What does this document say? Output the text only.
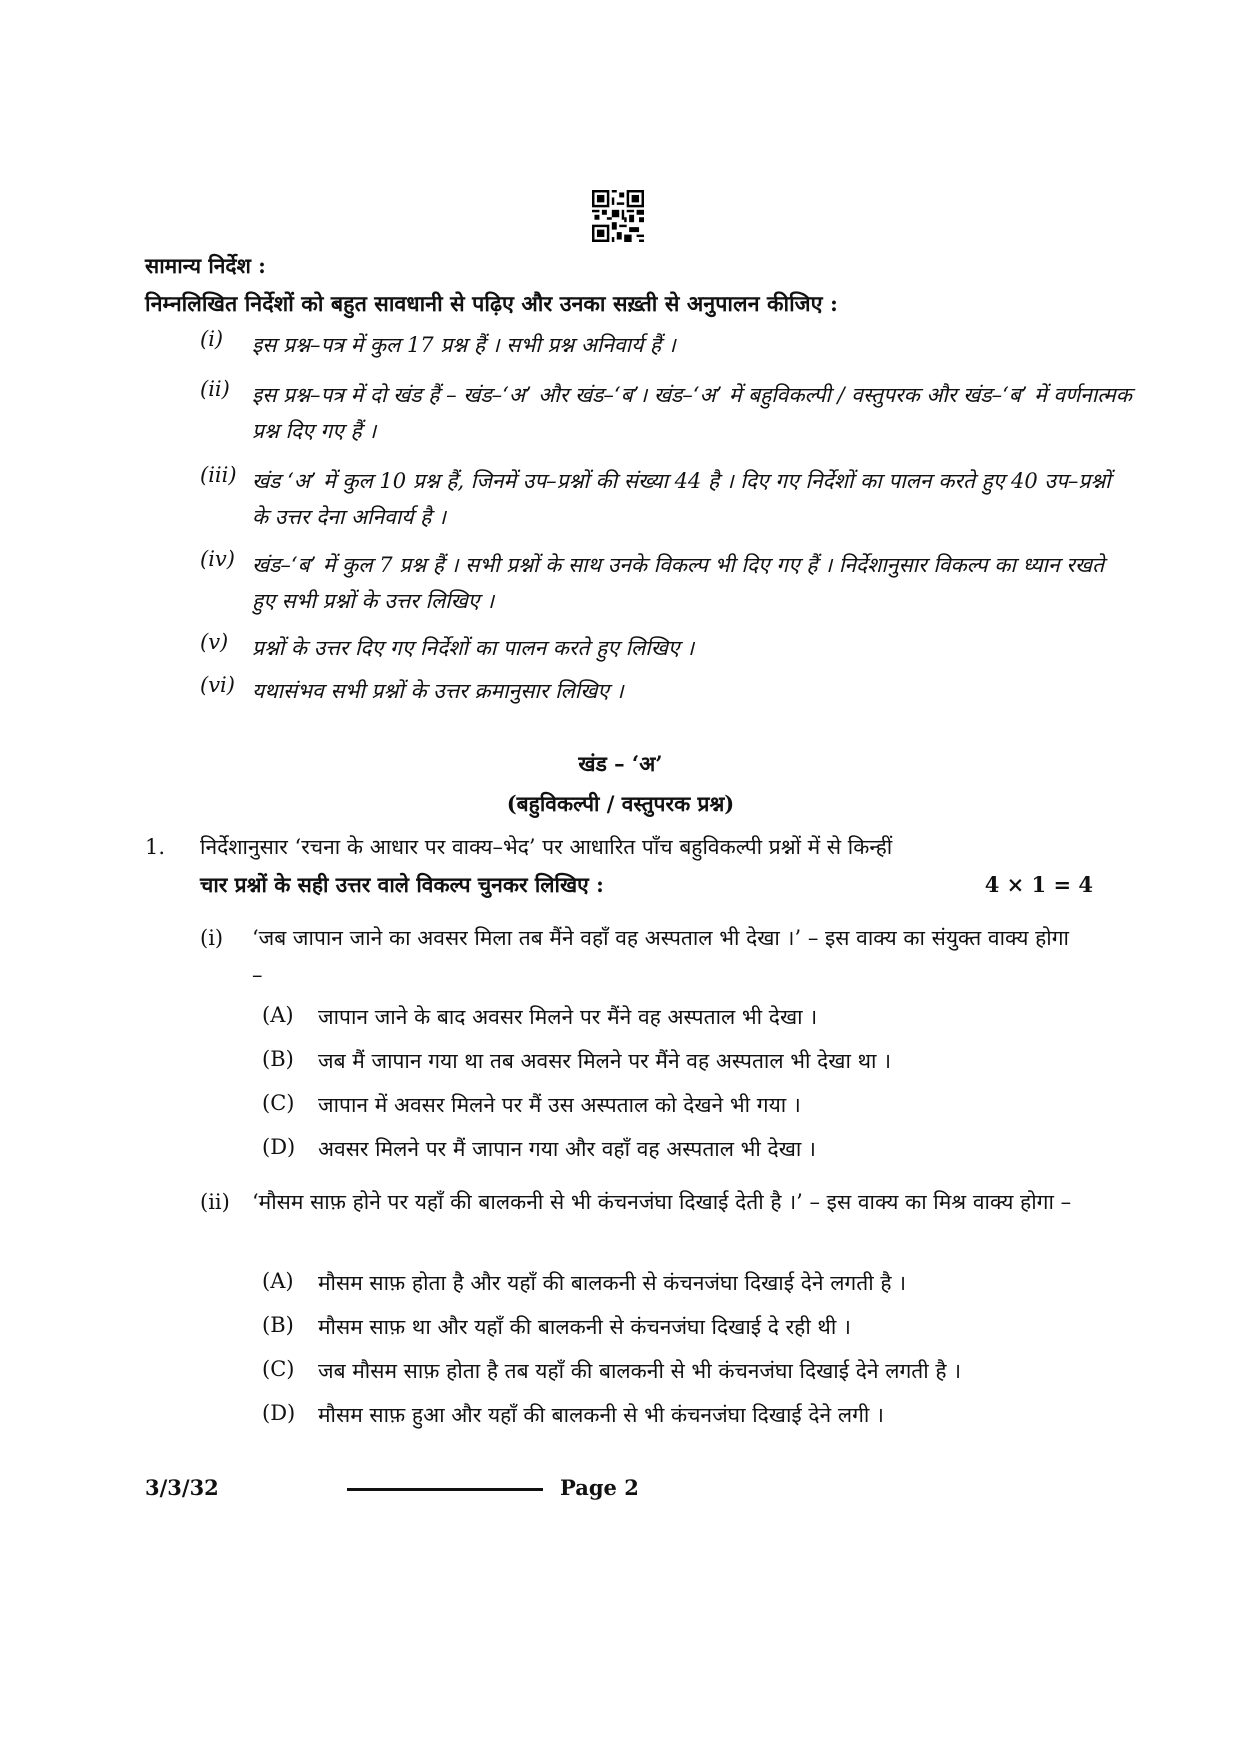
सामान्य निर्देश :
निम्नलिखित निर्देशों को बहुत सावधानी से पढ़िए और उनका सख़्ती से अनुपालन कीजिए :
(i) इस प्रश्न–पत्र में कुल 17 प्रश्न हैं । सभी प्रश्न अनिवार्य हैं ।
(ii) इस प्रश्न–पत्र में दो खंड हैं – खंड–‘अ’ और खंड–‘ब’। खंड–‘अ’ में बहुविकल्पी / वस्तुपरक और खंड–‘ब’ में वर्णनात्मक प्रश्न दिए गए हैं ।
(iii) खंड ‘अ’ में कुल 10 प्रश्न हैं, जिनमें उप–प्रश्नों की संख्या 44 है । दिए गए निर्देशों का पालन करते हुए 40 उप–प्रश्नों के उत्तर देना अनिवार्य है ।
(iv) खंड–‘ब’ में कुल 7 प्रश्न हैं । सभी प्रश्नों के साथ उनके विकल्प भी दिए गए हैं । निर्देशानुसार विकल्प का ध्यान रखते हुए सभी प्रश्नों के उत्तर लिखिए ।
(v) प्रश्नों के उत्तर दिए गए निर्देशों का पालन करते हुए लिखिए ।
(vi) यथासंभव सभी प्रश्नों के उत्तर क्रमानुसार लिखिए ।
खंड – ‘अ’
(बहुविकल्पी / वस्तुपरक प्रश्न)
1. निर्देशानुसार ‘रचना के आधार पर वाक्य–भेद’ पर आधारित पाँच बहुविकल्पी प्रश्नों में से किन्हीं
चार प्रश्नों के सही उत्तर वाले विकल्प चुनकर लिखिए :	4 × 1 = 4
(i) ‘जब जापान जाने का अवसर मिला तब मैंने वहाँ वह अस्पताल भी देखा ।’ – इस वाक्य का संयुक्त वाक्य होगा –
(A) जापान जाने के बाद अवसर मिलने पर मैंने वह अस्पताल भी देखा ।
(B) जब मैं जापान गया था तब अवसर मिलने पर मैंने वह अस्पताल भी देखा था ।
(C) जापान में अवसर मिलने पर मैं उस अस्पताल को देखने भी गया ।
(D) अवसर मिलने पर मैं जापान गया और वहाँ वह अस्पताल भी देखा ।
(ii) ‘मौसम साफ़ होने पर यहाँ की बालकनी से भी कंचनजंघा दिखाई देती है ।’ – इस वाक्य का मिश्र वाक्य होगा –
(A) मौसम साफ़ होता है और यहाँ की बालकनी से कंचनजंघा दिखाई देने लगती है ।
(B) मौसम साफ़ था और यहाँ की बालकनी से कंचनजंघा दिखाई दे रही थी ।
(C) जब मौसम साफ़ होता है तब यहाँ की बालकनी से भी कंचनजंघा दिखाई देने लगती है ।
(D) मौसम साफ़ हुआ और यहाँ की बालकनी से भी कंचनजंघा दिखाई देने लगी ।
3/3/32	Page 2
